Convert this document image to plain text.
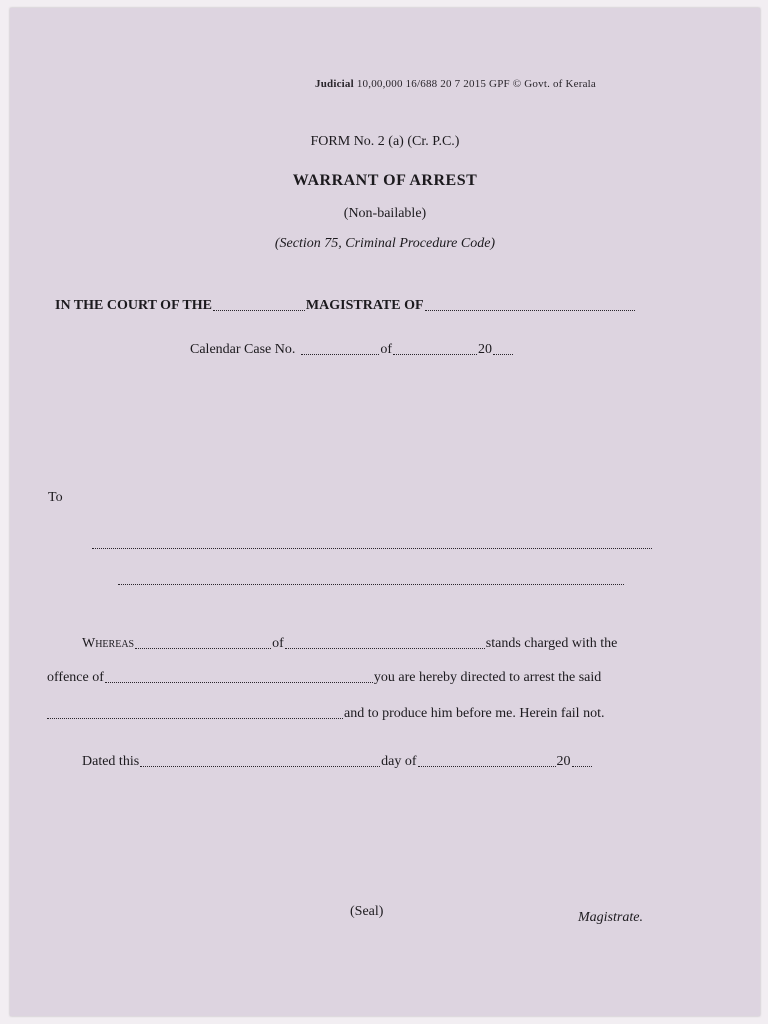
Judicial 10,00,000 16/688 20 7 2015 GPF © Govt. of Kerala
FORM No. 2 (a) (Cr. P.C.)
WARRANT OF ARREST
(Non-bailable)
(Section 75, Criminal Procedure Code)
IN THE COURT OF THE	MAGISTRATE OF
Calendar Case No.	of	20
To
Whereas	of	stands charged with the
offence of	you are hereby directed to arrest the said
and to produce him before me. Herein fail not.
Dated this	day of	20
(Seal)	Magistrate.
